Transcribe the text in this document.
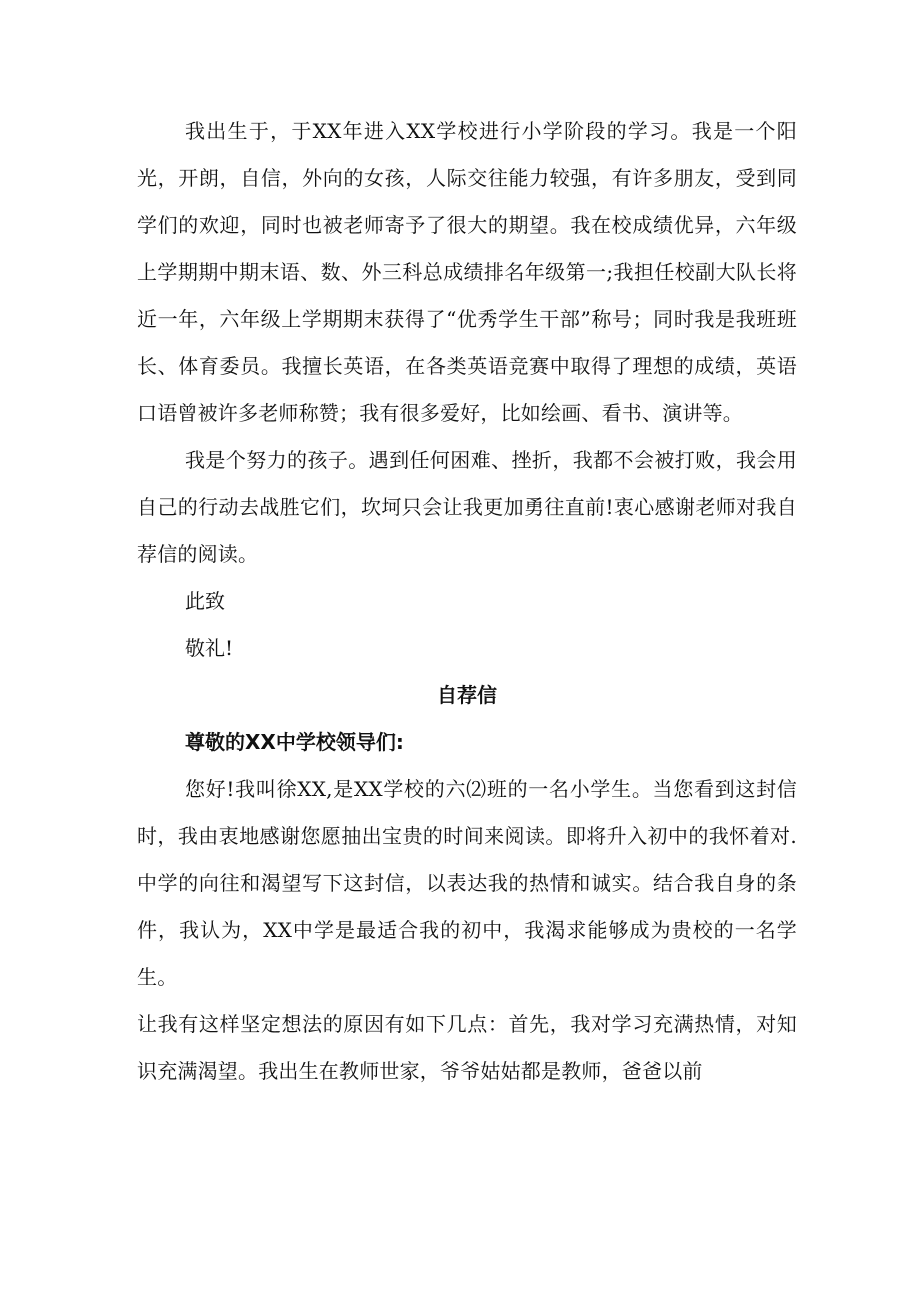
我出生于，于XX年进入XX学校进行小学阶段的学习。我是一个阳光，开朗，自信，外向的女孩，人际交往能力较强，有许多朋友，受到同学们的欢迎，同时也被老师寄予了很大的期望。我在校成绩优异，六年级上学期期中期末语、数、外三科总成绩排名年级第一;我担任校副大队长将近一年，六年级上学期期末获得了“优秀学生干部”称号；同时我是我班班长、体育委员。我擅长英语，在各类英语竞赛中取得了理想的成绩，英语口语曾被许多老师称赞；我有很多爱好，比如绘画、看书、演讲等。

我是个努力的孩子。遇到任何困难、挫折，我都不会被打败，我会用自己的行动去战胜它们，坎坷只会让我更加勇往直前!衷心感谢老师对我自荐信的阅读。

此致

敬礼!

自荐信

尊敬的XX中学校领导们:

您好!我叫徐XX,是XX学校的六⑵班的一名小学生。当您看到这封信时，我由衷地感谢您愿抽出宝贵的时间来阅读。即将升入初中的我怀着对.中学的向往和渴望写下这封信，以表达我的热情和诚实。结合我自身的条件，我认为，XX中学是最适合我的初中，我渴求能够成为贵校的一名学生。

让我有这样坚定想法的原因有如下几点：首先，我对学习充满热情，对知识充满渴望。我出生在教师世家，爷爷姑姑都是教师，爸爸以前
